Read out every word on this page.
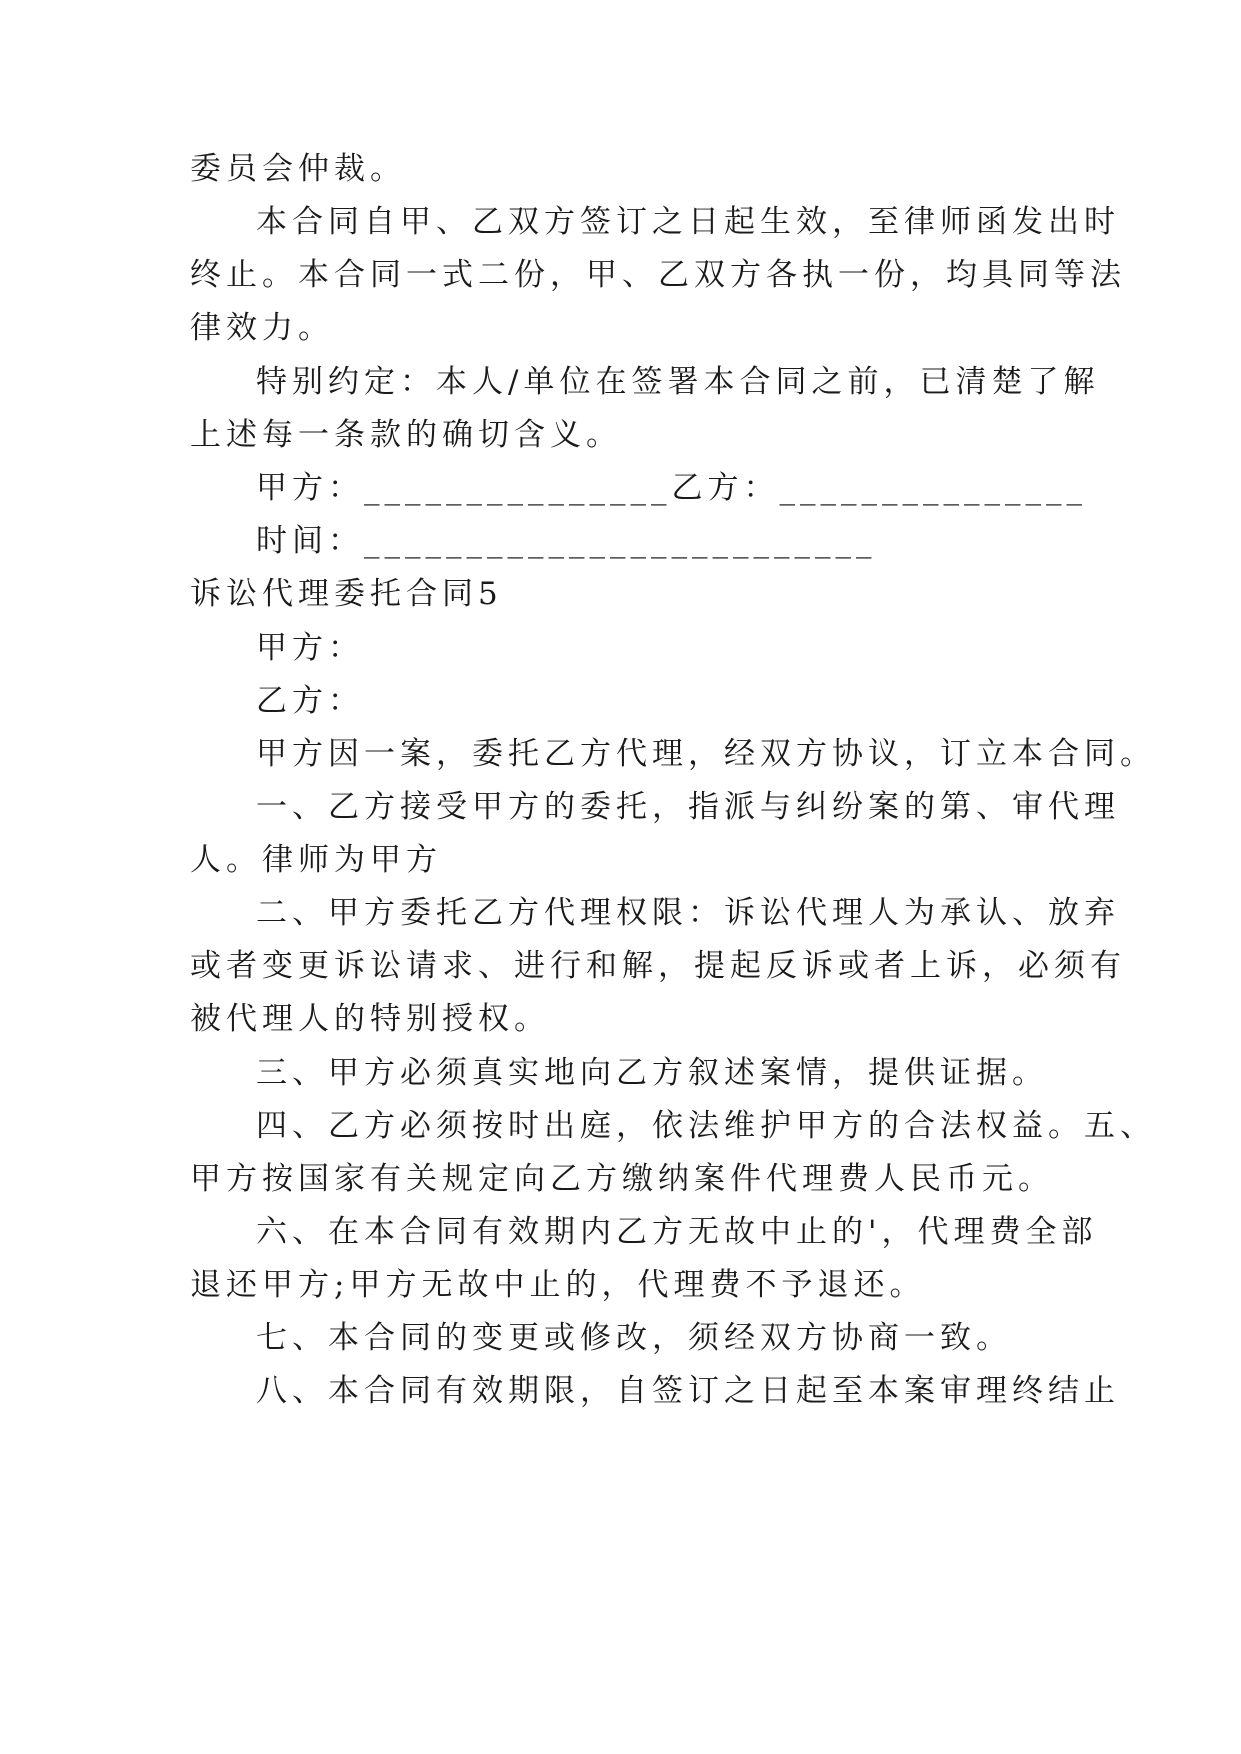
委员会仲裁。
本合同自甲、乙双方签订之日起生效，至律师函发出时
终止。本合同一式二份，甲、乙双方各执一份，均具同等法
律效力。
特别约定：本人/单位在签署本合同之前，已清楚了解
上述每一条款的确切含义。
甲方：_______________乙方：_______________
时间：_________________________
诉讼代理委托合同5
甲方：
乙方：
甲方因一案，委托乙方代理，经双方协议，订立本合同。
一、乙方接受甲方的委托，指派与纠纷案的第、审代理
人。律师为甲方
二、甲方委托乙方代理权限：诉讼代理人为承认、放弃
或者变更诉讼请求、进行和解，提起反诉或者上诉，必须有
被代理人的特别授权。
三、甲方必须真实地向乙方叙述案情，提供证据。
四、乙方必须按时出庭，依法维护甲方的合法权益。五、
甲方按国家有关规定向乙方缴纳案件代理费人民币元。
六、在本合同有效期内乙方无故中止的'，代理费全部
退还甲方;甲方无故中止的，代理费不予退还。
七、本合同的变更或修改，须经双方协商一致。
八、本合同有效期限，自签订之日起至本案审理终结止
